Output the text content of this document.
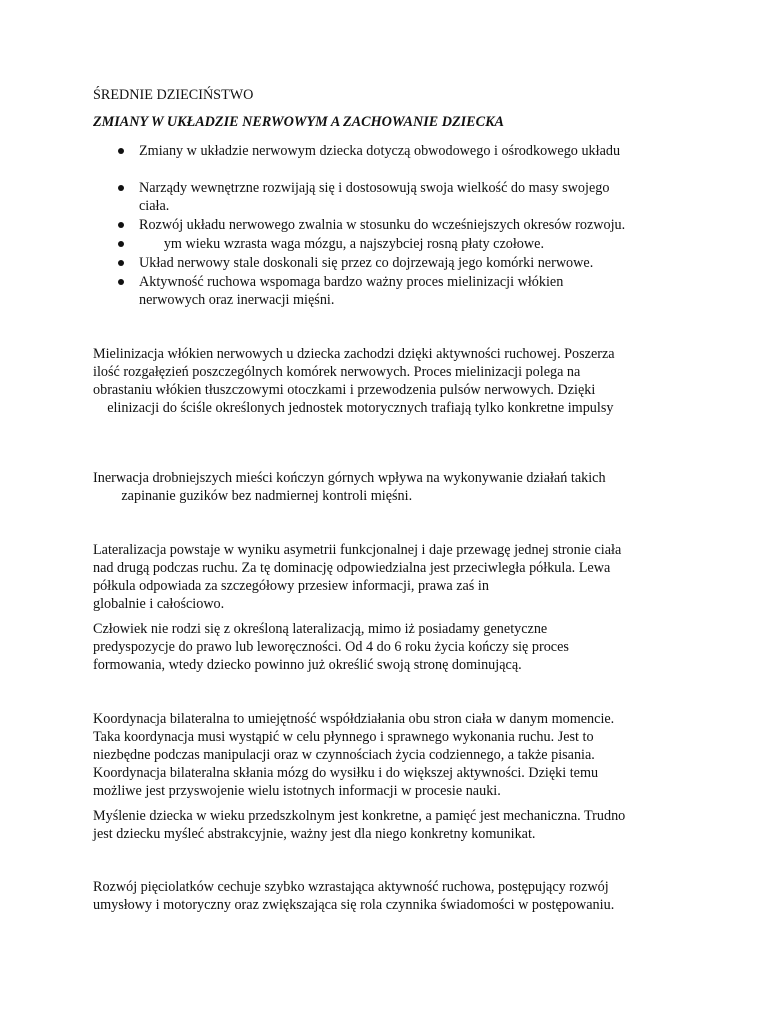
ŚREDNIE DZIECIŃSTWO
ZMIANY W UKŁADZIE NERWOWYM A ZACHOWANIE DZIECKA
Zmiany w układzie nerwowym dziecka dotyczą obwodowego i ośrodkowego układu
Narządy wewnętrzne rozwijają się i dostosowują swoja wielkość do masy swojego
ciała.
Rozwój układu nerwowego zwalnia w stosunku do wcześniejszych okresów rozwoju.
ym wieku wzrasta waga mózgu, a najszybciej rosną płaty czołowe.
Układ nerwowy stale doskonali się przez co dojrzewają jego komórki nerwowe.
Aktywność ruchowa wspomaga bardzo ważny proces mielinizacji włókien
nerwowych oraz inerwacji mięśni.
Mielinizacja włókien nerwowych u dziecka zachodzi dzięki aktywności ruchowej. Poszerza
ilość rozgałęzień poszczególnych komórek nerwowych. Proces mielinizacji polega na
obrastaniu włókien tłuszczowymi otoczkami i przewodzenia pulsów nerwowych. Dzięki
elinizacji do ściśle określonych jednostek motorycznych trafiają tylko konkretne impulsy
Inerwacja drobniejszych mieści kończyn górnych wpływa na wykonywanie działań takich
zapinanie guzików bez nadmiernej kontroli mięśni.
Lateralizacja powstaje w wyniku asymetrii funkcjonalnej i daje przewagę jednej stronie ciała
nad drugą podczas ruchu. Za tę dominację odpowiedzialna jest przeciwległa półkula. Lewa
półkula odpowiada za szczegółowy przesiew informacji, prawa zaś in
globalnie i całościowo.
Człowiek nie rodzi się z określoną lateralizacją, mimo iż posiadamy genetyczne
predyspozycje do prawo lub leworęczności. Od 4 do 6 roku życia kończy się proces
formowania, wtedy dziecko powinno już określić swoją stronę dominującą.
Koordynacja bilateralna to umiejętność współdziałania obu stron ciała w danym momencie.
Taka koordynacja musi wystąpić w celu płynnego i sprawnego wykonania ruchu. Jest to
niezbędne podczas manipulacji oraz w czynnościach życia codziennego, a także pisania.
Koordynacja bilateralna skłania mózg do wysiłku i do większej aktywności. Dzięki temu
możliwe jest przyswojenie wielu istotnych informacji w procesie nauki.
Myślenie dziecka w wieku przedszkolnym jest konkretne, a pamięć jest mechaniczna. Trudno
jest dziecku myśleć abstrakcyjnie, ważny jest dla niego konkretny komunikat.
Rozwój pięciolatków cechuje szybko wzrastająca aktywność ruchowa, postępujący rozwój
umysłowy i motoryczny oraz zwiększająca się rola czynnika świadomości w postępowaniu.
